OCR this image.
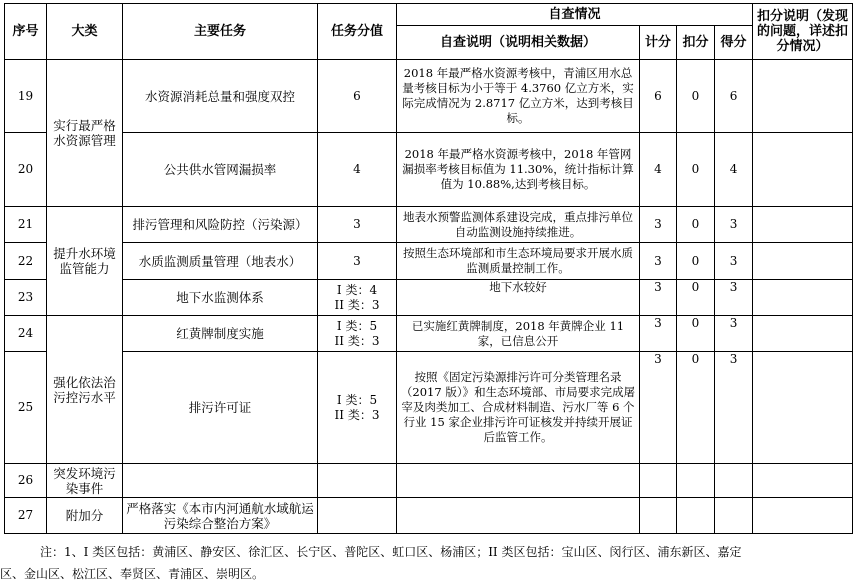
序号	大类	主要任务	任务分值	自查情况				扣分说明（发现的问题，详述扣分情况）
				自查说明（说明相关数据）	计分	扣分	得分	
19	实行最严格水资源管理	水资源消耗总量和强度双控	6	2018 年最严格水资源考核中，青浦区用水总量考核目标为小于等于 4.3760 亿立方米，实际完成情况为 2.8717 亿立方米，达到考核目标。	6	0	6	
20		公共供水管网漏损率	4	2018 年最严格水资源考核中，2018 年管网漏损率考核目标值为 11.30%，统计指标计算值为 10.88%,达到考核目标。	4	0	4	
21	提升水环境监管能力	排污管理和风险防控（污染源）	3	地表水预警监测体系建设完成，重点排污单位自动监测设施持续推进。	3	0	3	
22		水质监测质量管理（地表水）	3	按照生态环境部和市生态环境局要求开展水质监测质量控制工作。	3	0	3	
23		地下水监测体系	I 类：4
II 类：3	地下水较好	3	0	3	
24	强化依法治污控污水平	红黄牌制度实施	I 类：5
II 类：3	已实施红黄牌制度，2018 年黄牌企业 11 家，已信息公开	3	0	3	
25		排污许可证	I 类：5
II 类：3	按照《固定污染源排污许可分类管理名录（2017 版）》和生态环境部、市局要求完成屠宰及肉类加工、合成材料制造、污水厂等 6 个行业 15 家企业排污许可证核发并持续开展证后监管工作。	3	0	3	
26	突发环境污染事件							
27	附加分	严格落实《本市内河通航水域航运污染综合整治方案》						
注：1、I 类区包括：黄浦区、静安区、徐汇区、长宁区、普陀区、虹口区、杨浦区；II 类区包括：宝山区、闵行区、浦东新区、嘉定
区、金山区、松江区、奉贤区、青浦区、崇明区。
